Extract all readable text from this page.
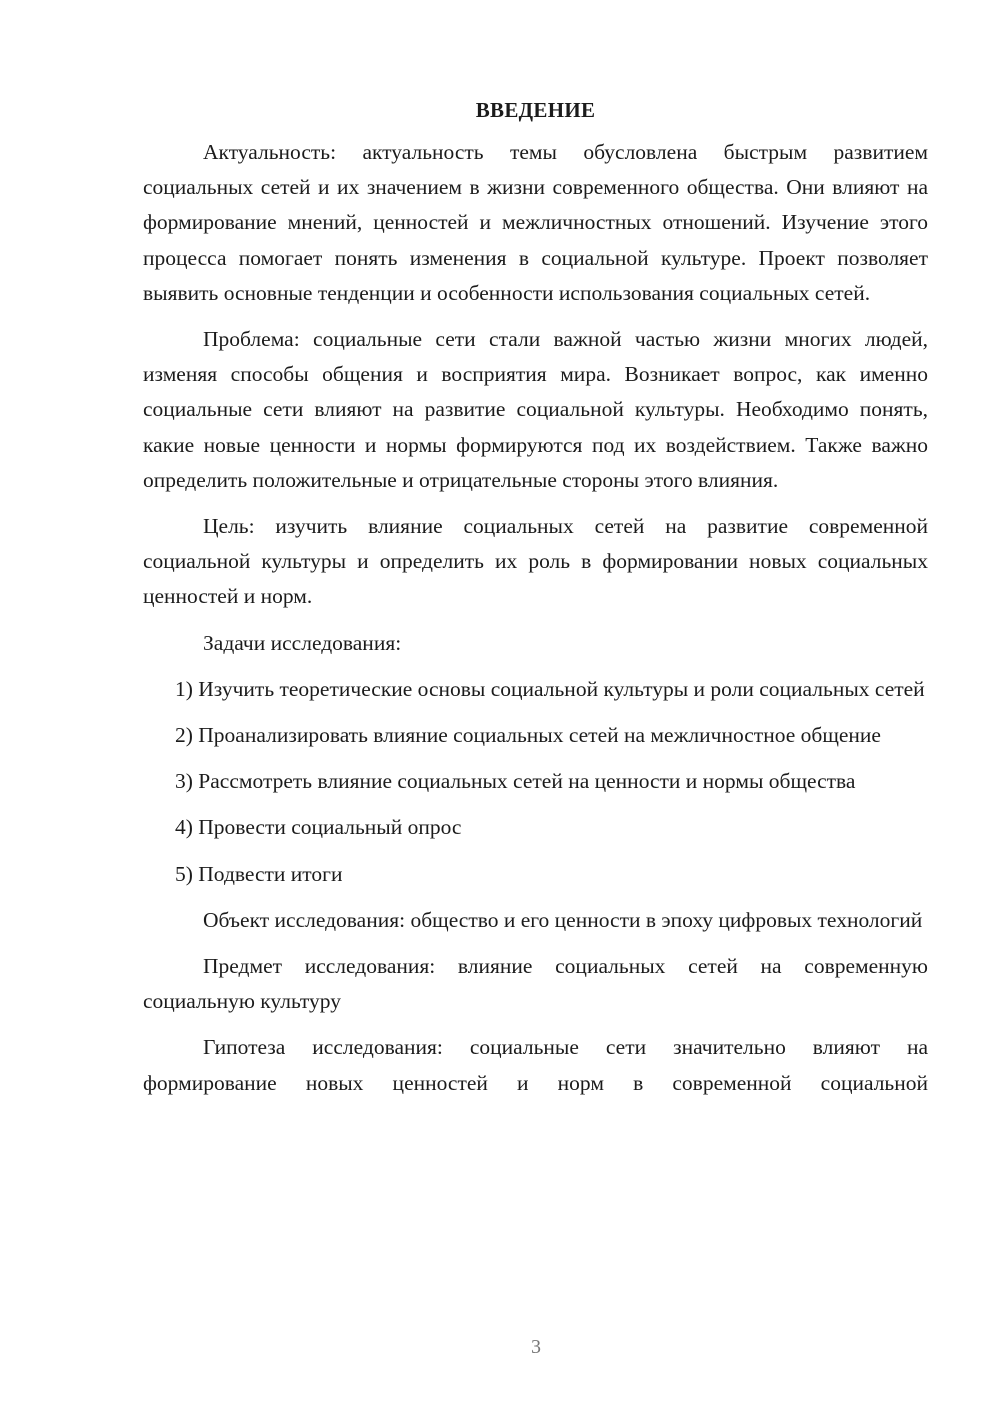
ВВЕДЕНИЕ

Актуальность: актуальность темы обусловлена быстрым развитием социальных сетей и их значением в жизни современного общества. Они влияют на формирование мнений, ценностей и межличностных отношений. Изучение этого процесса помогает понять изменения в социальной культуре. Проект позволяет выявить основные тенденции и особенности использования социальных сетей.

Проблема: социальные сети стали важной частью жизни многих людей, изменяя способы общения и восприятия мира. Возникает вопрос, как именно социальные сети влияют на развитие социальной культуры. Необходимо понять, какие новые ценности и нормы формируются под их воздействием. Также важно определить положительные и отрицательные стороны этого влияния.

Цель: изучить влияние социальных сетей на развитие современной социальной культуры и определить их роль в формировании новых социальных ценностей и норм.

Задачи исследования:

1) Изучить теоретические основы социальной культуры и роли социальных сетей

2) Проанализировать влияние социальных сетей на межличностное общение

3) Рассмотреть влияние социальных сетей на ценности и нормы общества

4) Провести социальный опрос

5) Подвести итоги

Объект исследования: общество и его ценности в эпоху цифровых технологий

Предмет исследования: влияние социальных сетей на современную социальную культуру

Гипотеза исследования: социальные сети значительно влияют на формирование новых ценностей и норм в современной социальной

3
